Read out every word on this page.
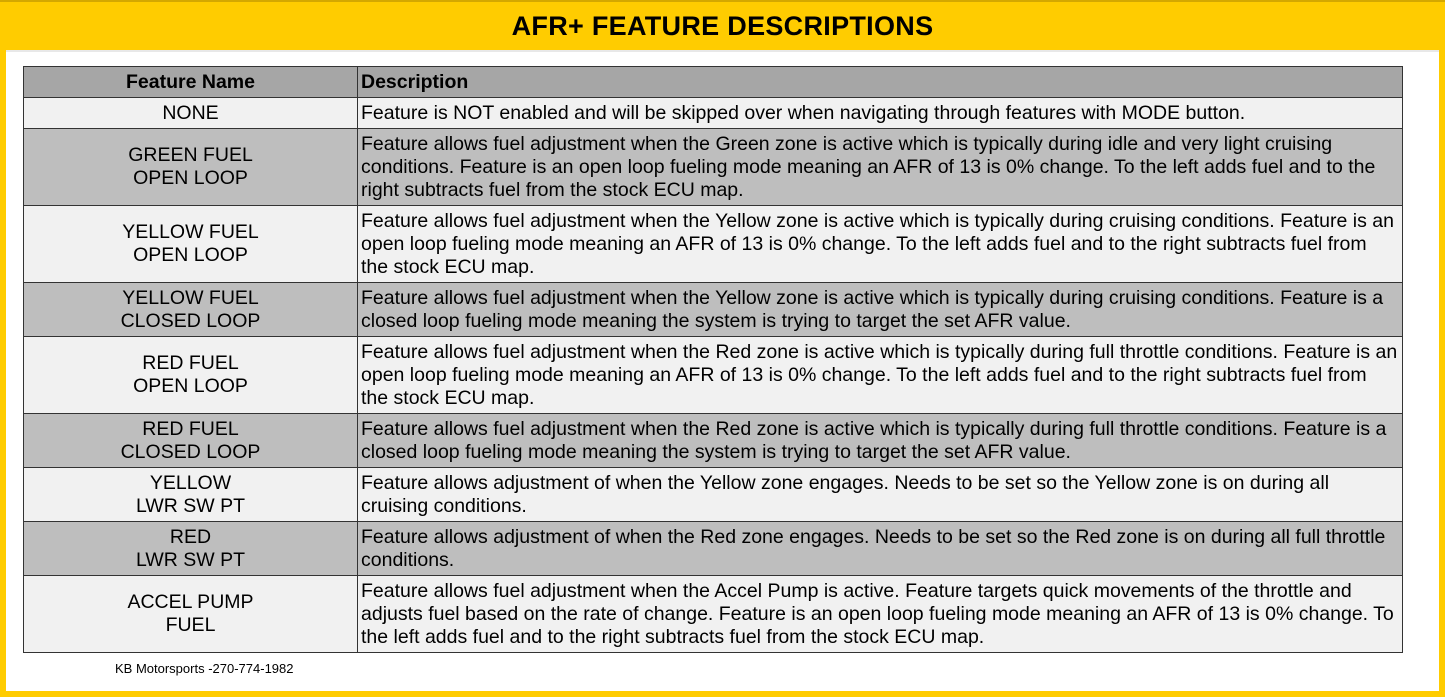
AFR+ FEATURE DESCRIPTIONS
Feature Name	Description
NONE	Feature is NOT enabled and will be skipped over when navigating through features with MODE button.
GREEN FUEL
OPEN LOOP	Feature allows fuel adjustment when the Green zone is active which is typically during idle and very light cruising conditions. Feature is an open loop fueling mode meaning an AFR of 13 is 0% change. To the left adds fuel and to the right subtracts fuel from the stock ECU map.
YELLOW FUEL
OPEN LOOP	Feature allows fuel adjustment when the Yellow zone is active which is typically during cruising conditions. Feature is an open loop fueling mode meaning an AFR of 13 is 0% change. To the left adds fuel and to the right subtracts fuel from the stock ECU map.
YELLOW FUEL
CLOSED LOOP	Feature allows fuel adjustment when the Yellow zone is active which is typically during cruising conditions. Feature is a closed loop fueling mode meaning the system is trying to target the set AFR value.
RED FUEL
OPEN LOOP	Feature allows fuel adjustment when the Red zone is active which is typically during full throttle conditions. Feature is an open loop fueling mode meaning an AFR of 13 is 0% change. To the left adds fuel and to the right subtracts fuel from the stock ECU map.
RED FUEL
CLOSED LOOP	Feature allows fuel adjustment when the Red zone is active which is typically during full throttle conditions. Feature is a closed loop fueling mode meaning the system is trying to target the set AFR value.
YELLOW
LWR SW PT	Feature allows adjustment of when the Yellow zone engages. Needs to be set so the Yellow zone is on during all cruising conditions.
RED
LWR SW PT	Feature allows adjustment of when the Red zone engages. Needs to be set so the Red zone is on during all full throttle conditions.
ACCEL PUMP
FUEL	Feature allows fuel adjustment when the Accel Pump is active. Feature targets quick movements of the throttle and adjusts fuel based on the rate of change. Feature is an open loop fueling mode meaning an AFR of 13 is 0% change. To the left adds fuel and to the right subtracts fuel from the stock ECU map.
KB Motorsports -270-774-1982
